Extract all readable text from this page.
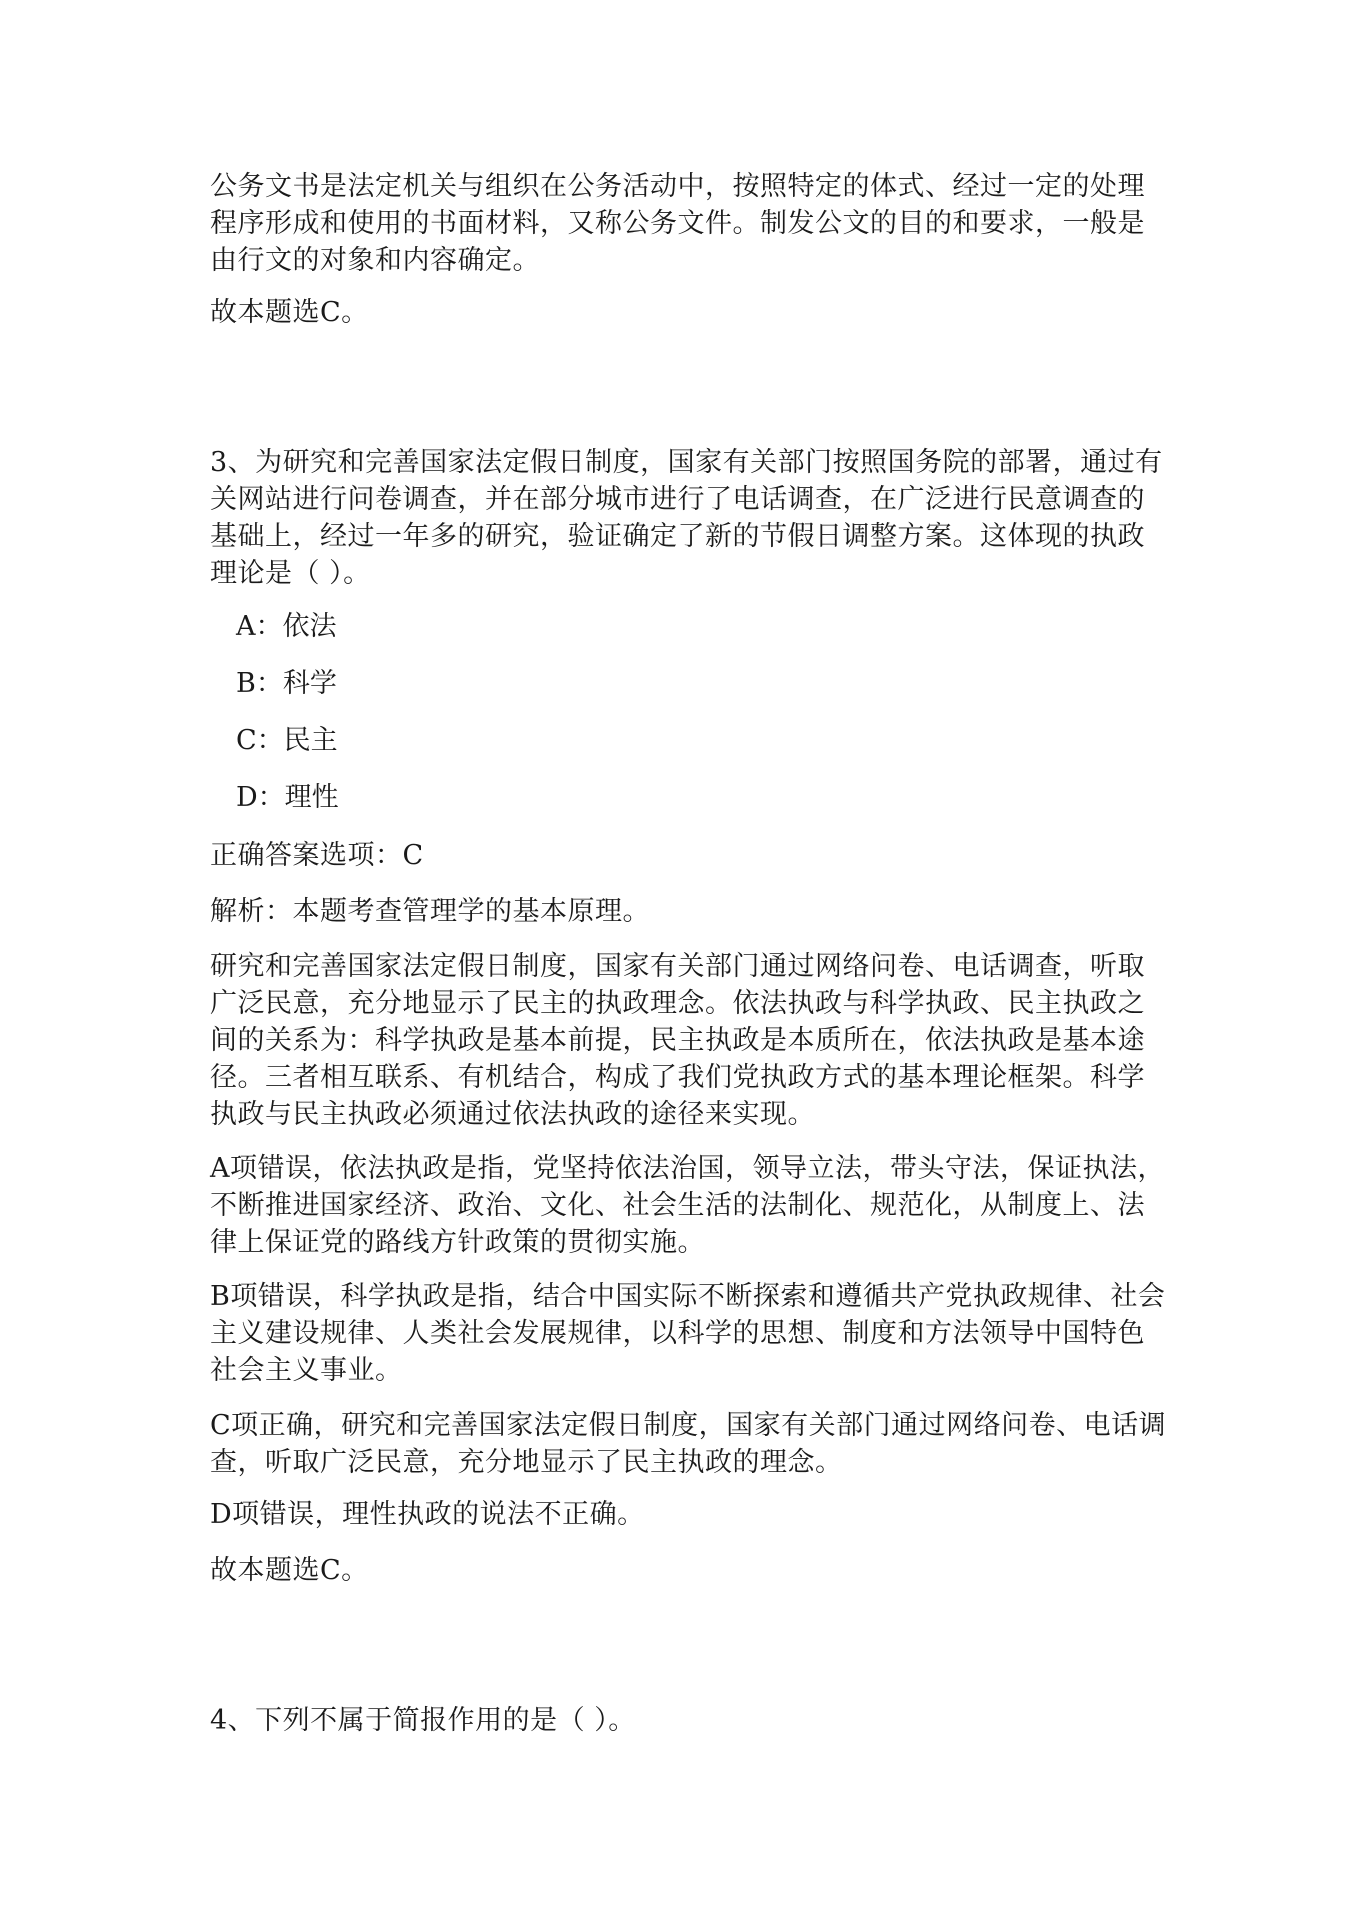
公务文书是法定机关与组织在公务活动中，按照特定的体式、经过一定的处理程序形成和使用的书面材料，又称公务文件。制发公文的目的和要求，一般是由行文的对象和内容确定。

故本题选C。

3、为研究和完善国家法定假日制度，国家有关部门按照国务院的部署，通过有关网站进行问卷调查，并在部分城市进行了电话调查，在广泛进行民意调查的基础上，经过一年多的研究，验证确定了新的节假日调整方案。这体现的执政理论是（ ）。

A：依法

B：科学

C：民主

D：理性

正确答案选项：C

解析：本题考查管理学的基本原理。

研究和完善国家法定假日制度，国家有关部门通过网络问卷、电话调查，听取广泛民意，充分地显示了民主的执政理念。依法执政与科学执政、民主执政之间的关系为：科学执政是基本前提，民主执政是本质所在，依法执政是基本途径。三者相互联系、有机结合，构成了我们党执政方式的基本理论框架。科学执政与民主执政必须通过依法执政的途径来实现。

A项错误，依法执政是指，党坚持依法治国，领导立法，带头守法，保证执法，不断推进国家经济、政治、文化、社会生活的法制化、规范化，从制度上、法律上保证党的路线方针政策的贯彻实施。

B项错误，科学执政是指，结合中国实际不断探索和遵循共产党执政规律、社会主义建设规律、人类社会发展规律，以科学的思想、制度和方法领导中国特色社会主义事业。

C项正确，研究和完善国家法定假日制度，国家有关部门通过网络问卷、电话调查，听取广泛民意，充分地显示了民主执政的理念。

D项错误，理性执政的说法不正确。

故本题选C。

4、下列不属于简报作用的是（ ）。
